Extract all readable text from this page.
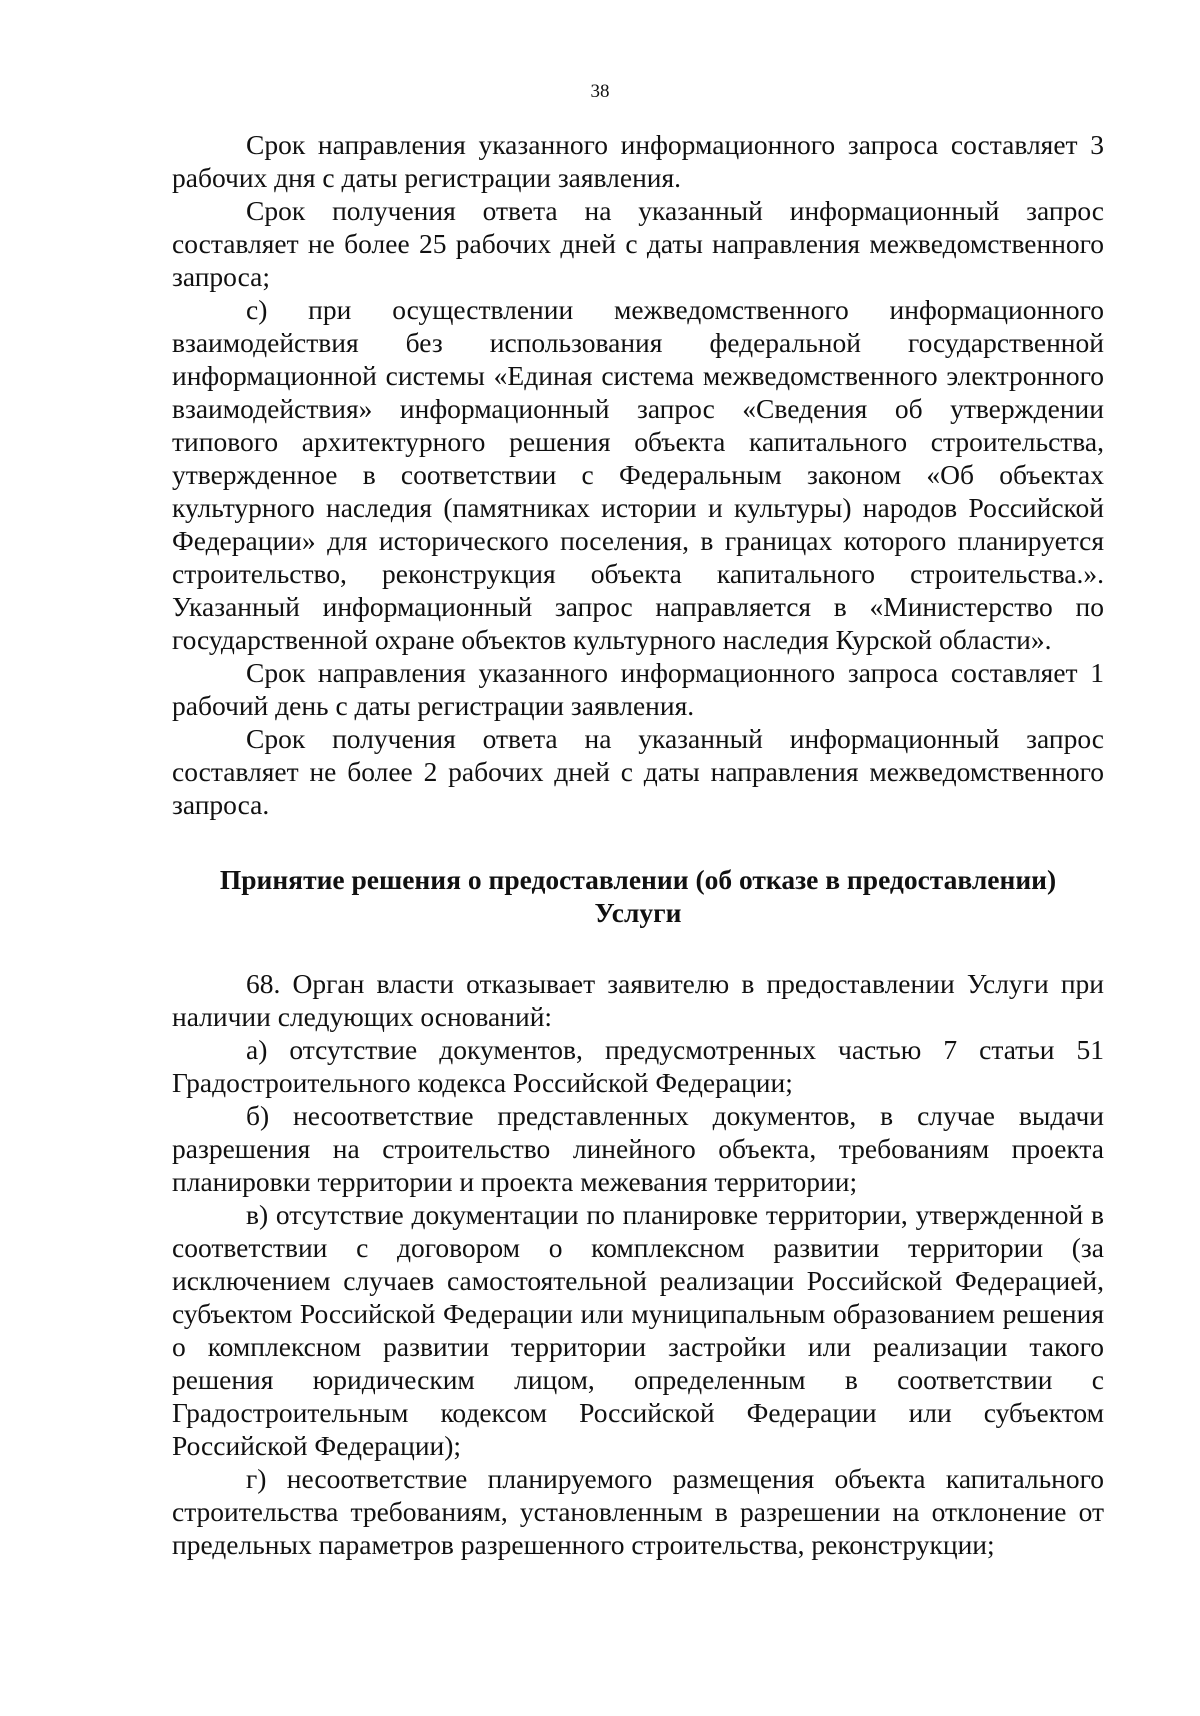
38

Срок направления указанного информационного запроса составляет 3 рабочих дня с даты регистрации заявления.

Срок получения ответа на указанный информационный запрос составляет не более 25 рабочих дней с даты направления межведомственного запроса;

c) при осуществлении межведомственного информационного взаимодействия без использования федеральной государственной информационной системы «Единая система межведомственного электронного взаимодействия» информационный запрос «Сведения об утверждении типового архитектурного решения объекта капитального строительства, утвержденное в соответствии с Федеральным законом «Об объектах культурного наследия (памятниках истории и культуры) народов Российской Федерации» для исторического поселения, в границах которого планируется строительство, реконструкция объекта капитального строительства.». Указанный информационный запрос направляется в «Министерство по государственной охране объектов культурного наследия Курской области».

Срок направления указанного информационного запроса составляет 1 рабочий день с даты регистрации заявления.

Срок получения ответа на указанный информационный запрос составляет не более 2 рабочих дней с даты направления межведомственного запроса.

Принятие решения о предоставлении (об отказе в предоставлении)
Услуги

68. Орган власти отказывает заявителю в предоставлении Услуги при наличии следующих оснований:

а) отсутствие документов, предусмотренных частью 7 статьи 51 Градостроительного кодекса Российской Федерации;

б) несоответствие представленных документов, в случае выдачи разрешения на строительство линейного объекта, требованиям проекта планировки территории и проекта межевания территории;

в) отсутствие документации по планировке территории, утвержденной в соответствии с договором о комплексном развитии территории (за исключением случаев самостоятельной реализации Российской Федерацией, субъектом Российской Федерации или муниципальным образованием решения о комплексном развитии территории застройки или реализации такого решения юридическим лицом, определенным в соответствии с Градостроительным кодексом Российской Федерации или субъектом Российской Федерации);

г) несоответствие планируемого размещения объекта капитального строительства требованиям, установленным в разрешении на отклонение от предельных параметров разрешенного строительства, реконструкции;
